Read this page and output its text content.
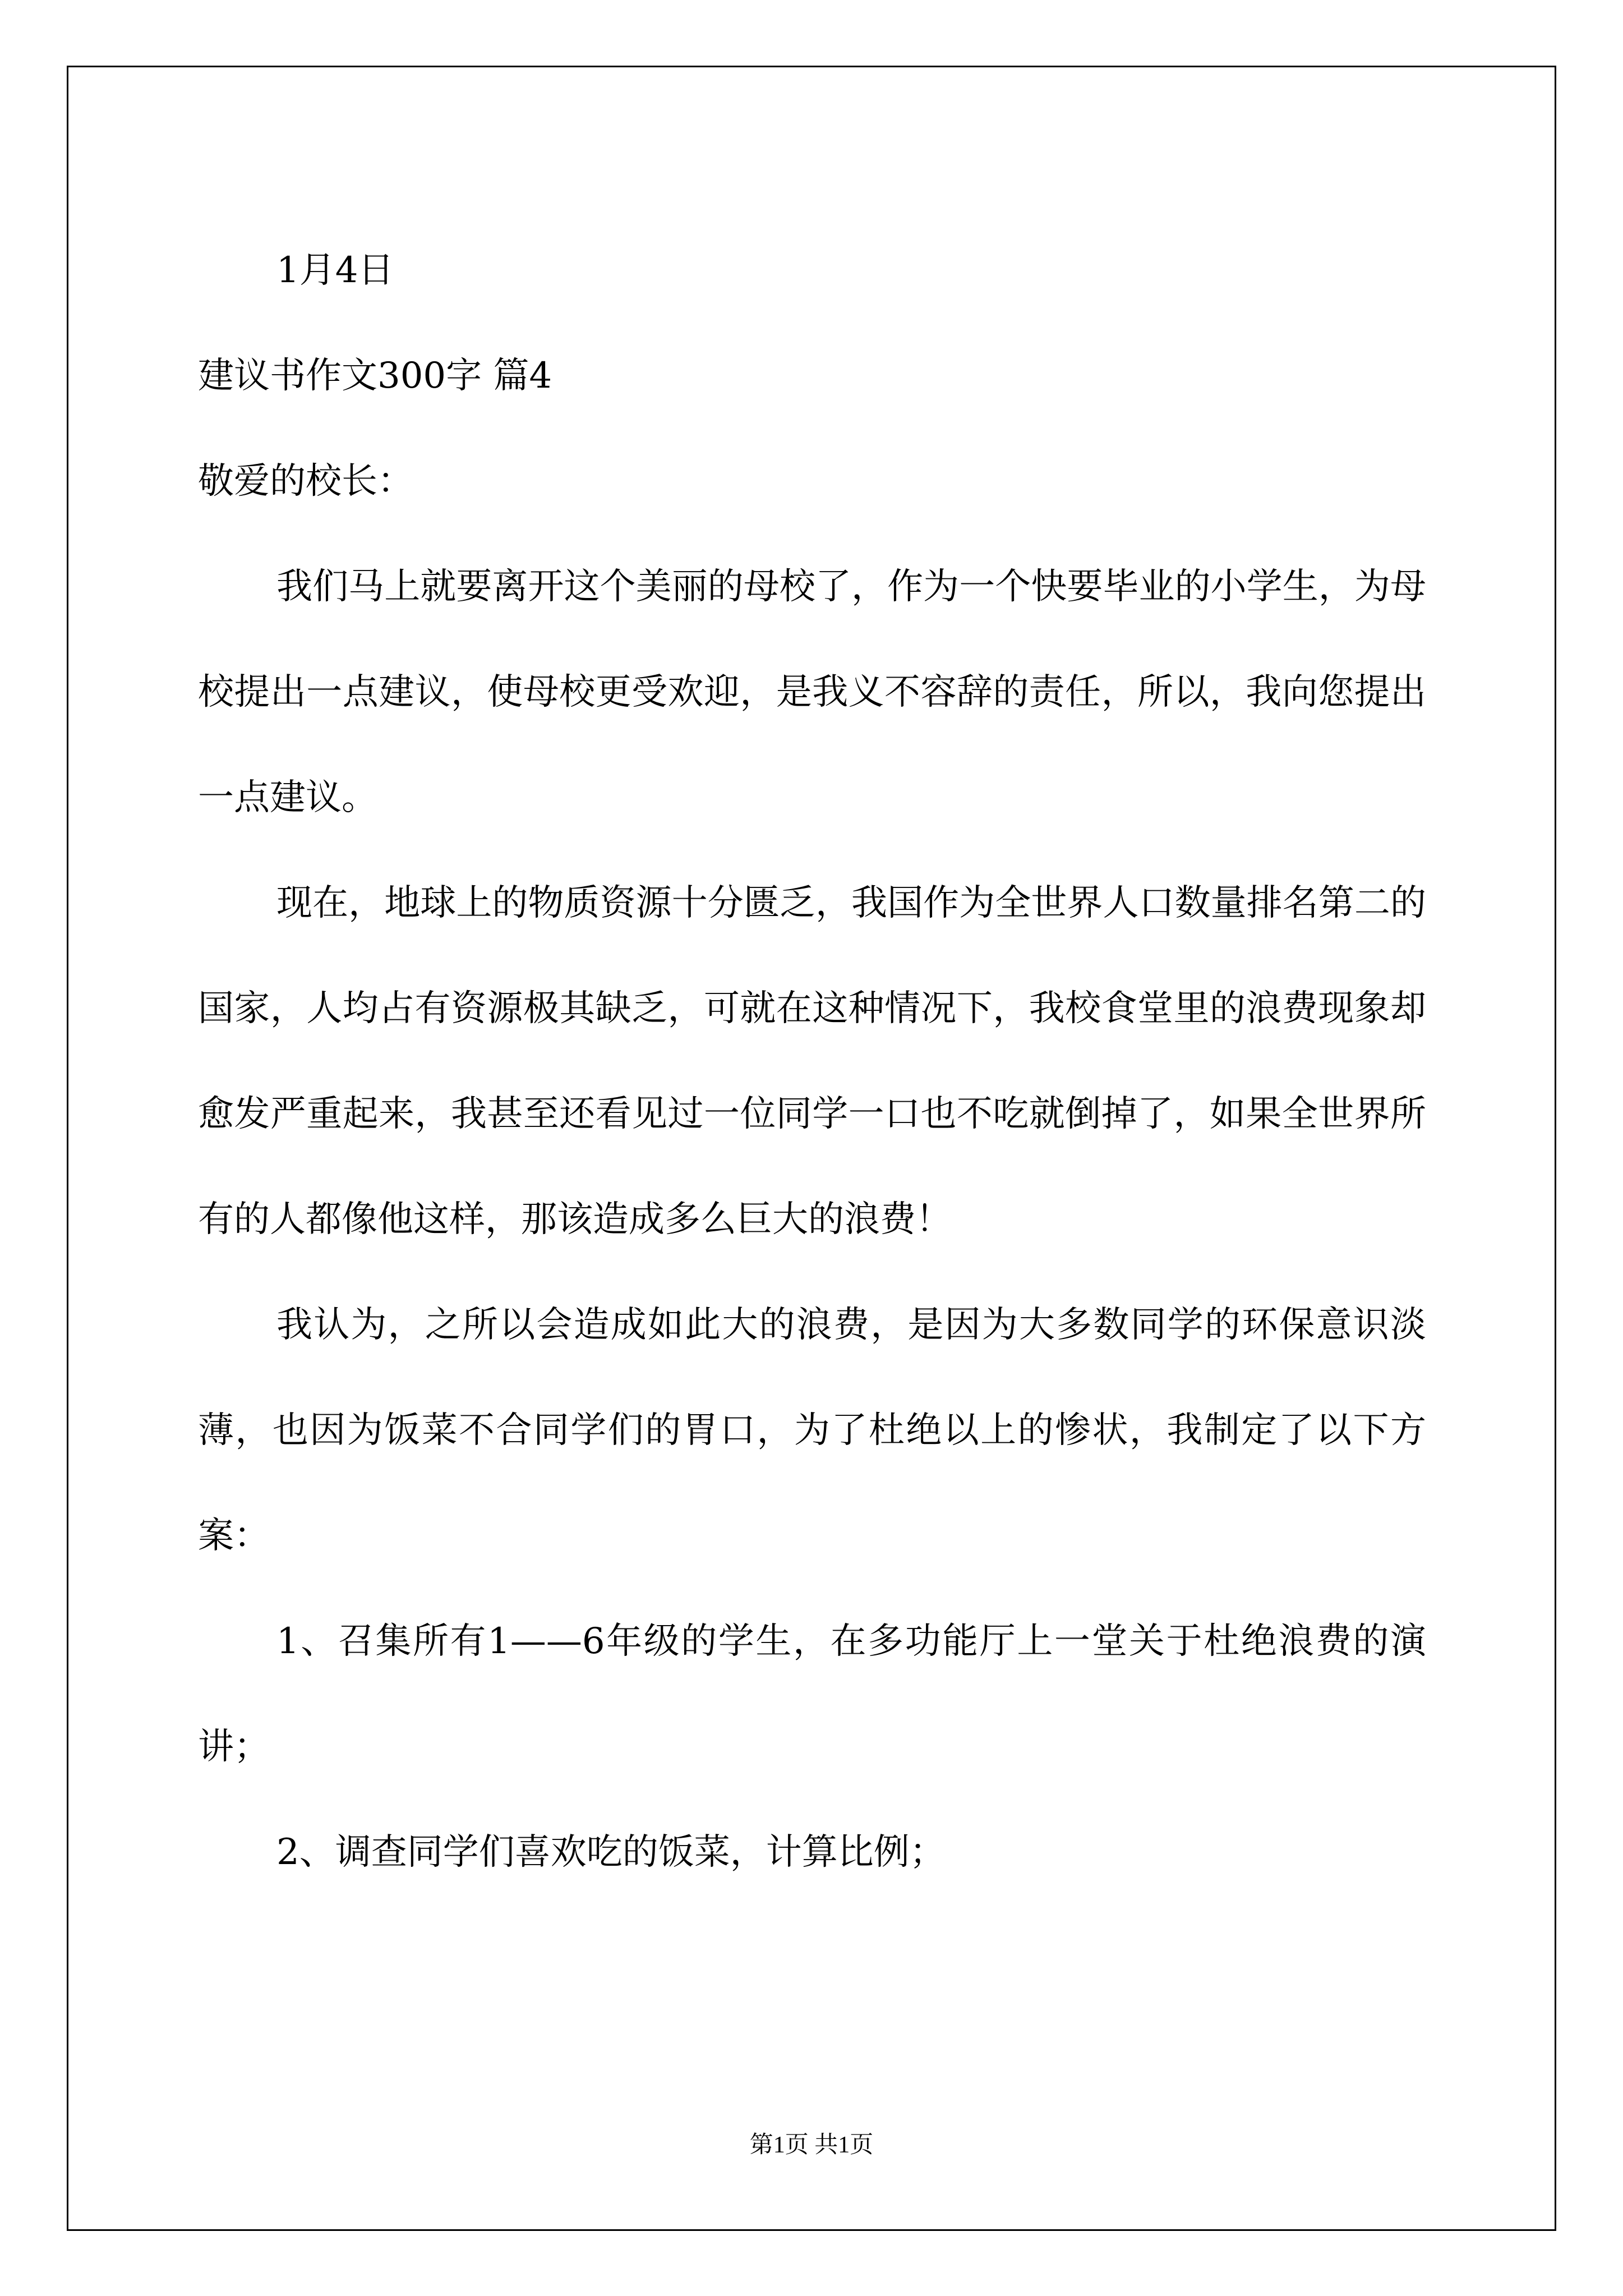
1月4日

建议书作文300字 篇4

敬爱的校长：

我们马上就要离开这个美丽的母校了，作为一个快要毕业的小学生，为母校提出一点建议，使母校更受欢迎，是我义不容辞的责任，所以，我向您提出一点建议。

现在，地球上的物质资源十分匮乏，我国作为全世界人口数量排名第二的国家，人均占有资源极其缺乏，可就在这种情况下，我校食堂里的浪费现象却愈发严重起来，我甚至还看见过一位同学一口也不吃就倒掉了，如果全世界所有的人都像他这样，那该造成多么巨大的浪费！

我认为，之所以会造成如此大的浪费，是因为大多数同学的环保意识淡薄，也因为饭菜不合同学们的胃口，为了杜绝以上的惨状，我制定了以下方案：

1、召集所有1——6年级的学生，在多功能厅上一堂关于杜绝浪费的演讲；

2、调查同学们喜欢吃的饭菜，计算比例；

第1页 共1页
